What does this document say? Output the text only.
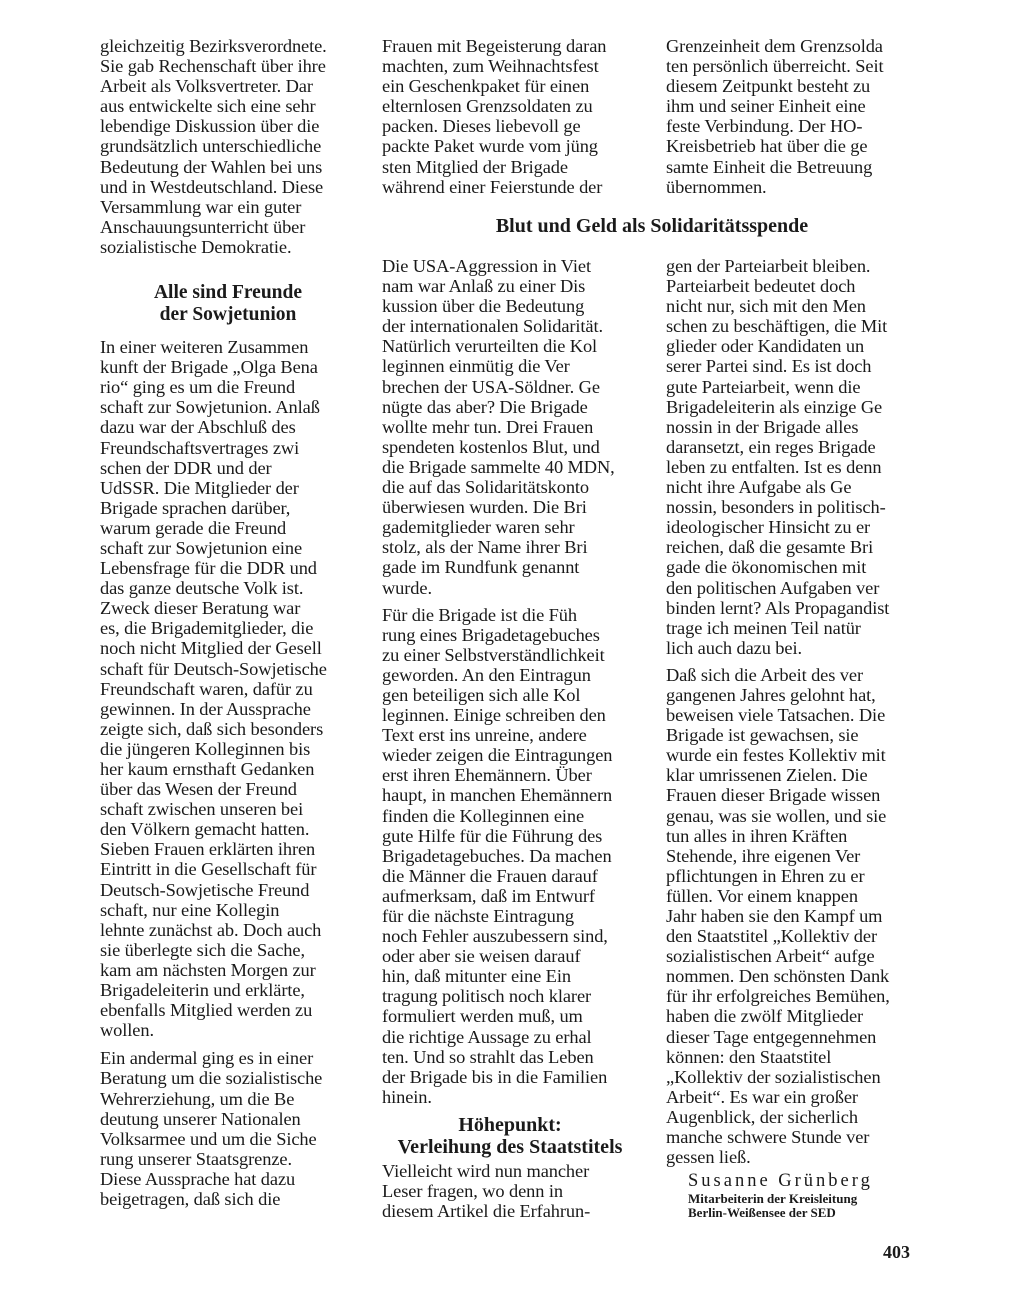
gleichzeitig Bezirksverordnete.
Sie gab Rechenschaft über ihre
Arbeit als Volksvertreter. Dar
aus entwickelte sich eine sehr
lebendige Diskussion über die
grundsätzlich unterschiedliche
Bedeutung der Wahlen bei uns
und in Westdeutschland. Diese
Versammlung war ein guter
Anschauungsunterricht über
sozialistische Demokratie.

Alle sind Freunde
der Sowjetunion

In einer weiteren Zusammen
kunft der Brigade „Olga Bena
rio“ ging es um die Freund
schaft zur Sowjetunion. Anlaß
dazu war der Abschluß des
Freundschaftsvertrages zwi
schen der DDR und der
UdSSR. Die Mitglieder der
Brigade sprachen darüber,
warum gerade die Freund
schaft zur Sowjetunion eine
Lebensfrage für die DDR und
das ganze deutsche Volk ist.
Zweck dieser Beratung war
es, die Brigademitglieder, die
noch nicht Mitglied der Gesell
schaft für Deutsch-Sowjetische
Freundschaft waren, dafür zu
gewinnen. In der Aussprache
zeigte sich, daß sich besonders
die jüngeren Kolleginnen bis
her kaum ernsthaft Gedanken
über das Wesen der Freund
schaft zwischen unseren bei
den Völkern gemacht hatten.
Sieben Frauen erklärten ihren
Eintritt in die Gesellschaft für
Deutsch-Sowjetische Freund
schaft, nur eine Kollegin
lehnte zunächst ab. Doch auch
sie überlegte sich die Sache,
kam am nächsten Morgen zur
Brigadeleiterin und erklärte,
ebenfalls Mitglied werden zu
wollen.

Ein andermal ging es in einer
Beratung um die sozialistische
Wehrerziehung, um die Be
deutung unserer Nationalen
Volksarmee und um die Siche
rung unserer Staatsgrenze.
Diese Aussprache hat dazu
beigetragen, daß sich die

Frauen mit Begeisterung daran
machten, zum Weihnachtsfest
ein Geschenkpaket für einen
elternlosen Grenzsoldaten zu
packen. Dieses liebevoll ge
packte Paket wurde vom jüng
sten Mitglied der Brigade
während einer Feierstunde der

Blut und Geld als Solidaritätsspende

Die USA-Aggression in Viet
nam war Anlaß zu einer Dis
kussion über die Bedeutung
der internationalen Solidarität.
Natürlich verurteilten die Kol
leginnen einmütig die Ver
brechen der USA-Söldner. Ge
nügte das aber? Die Brigade
wollte mehr tun. Drei Frauen
spendeten kostenlos Blut, und
die Brigade sammelte 40 MDN,
die auf das Solidaritätskonto
überwiesen wurden. Die Bri
gademitglieder waren sehr
stolz, als der Name ihrer Bri
gade im Rundfunk genannt
wurde.

Für die Brigade ist die Füh
rung eines Brigadetagebuches
zu einer Selbstverständlichkeit
geworden. An den Eintragun
gen beteiligen sich alle Kol
leginnen. Einige schreiben den
Text erst ins unreine, andere
wieder zeigen die Eintragungen
erst ihren Ehemännern. Über
haupt, in manchen Ehemännern
finden die Kolleginnen eine
gute Hilfe für die Führung des
Brigadetagebuches. Da machen
die Männer die Frauen darauf
aufmerksam, daß im Entwurf
für die nächste Eintragung
noch Fehler auszubessern sind,
oder aber sie weisen darauf
hin, daß mitunter eine Ein
tragung politisch noch klarer
formuliert werden muß, um
die richtige Aussage zu erhal
ten. Und so strahlt das Leben
der Brigade bis in die Familien
hinein.

Höhepunkt:
Verleihung des Staatstitels

Vielleicht wird nun mancher
Leser fragen, wo denn in
diesem Artikel die Erfahrun-

Grenzeinheit dem Grenzsolda
ten persönlich überreicht. Seit
diesem Zeitpunkt besteht zu
ihm und seiner Einheit eine
feste Verbindung. Der HO-
Kreisbetrieb hat über die ge
samte Einheit die Betreuung
übernommen.

gen der Parteiarbeit bleiben.
Parteiarbeit bedeutet doch
nicht nur, sich mit den Men
schen zu beschäftigen, die Mit
glieder oder Kandidaten un
serer Partei sind. Es ist doch
gute Parteiarbeit, wenn die
Brigadeleiterin als einzige Ge
nossin in der Brigade alles
daransetzt, ein reges Brigade
leben zu entfalten. Ist es denn
nicht ihre Aufgabe als Ge
nossin, besonders in politisch-
ideologischer Hinsicht zu er
reichen, daß die gesamte Bri
gade die ökonomischen mit
den politischen Aufgaben ver
binden lernt? Als Propagandist
trage ich meinen Teil natür
lich auch dazu bei.

Daß sich die Arbeit des ver
gangenen Jahres gelohnt hat,
beweisen viele Tatsachen. Die
Brigade ist gewachsen, sie
wurde ein festes Kollektiv mit
klar umrissenen Zielen. Die
Frauen dieser Brigade wissen
genau, was sie wollen, und sie
tun alles in ihren Kräften
Stehende, ihre eigenen Ver
pflichtungen in Ehren zu er
füllen. Vor einem knappen
Jahr haben sie den Kampf um
den Staatstitel „Kollektiv der
sozialistischen Arbeit“ aufge
nommen. Den schönsten Dank
für ihr erfolgreiches Bemühen,
haben die zwölf Mitglieder
dieser Tage entgegennehmen
können: den Staatstitel
„Kollektiv der sozialistischen
Arbeit“. Es war ein großer
Augenblick, der sicherlich
manche schwere Stunde ver
gessen ließ.

Susanne Grünberg

Mitarbeiterin der Kreisleitung
Berlin-Weißensee der SED

403
